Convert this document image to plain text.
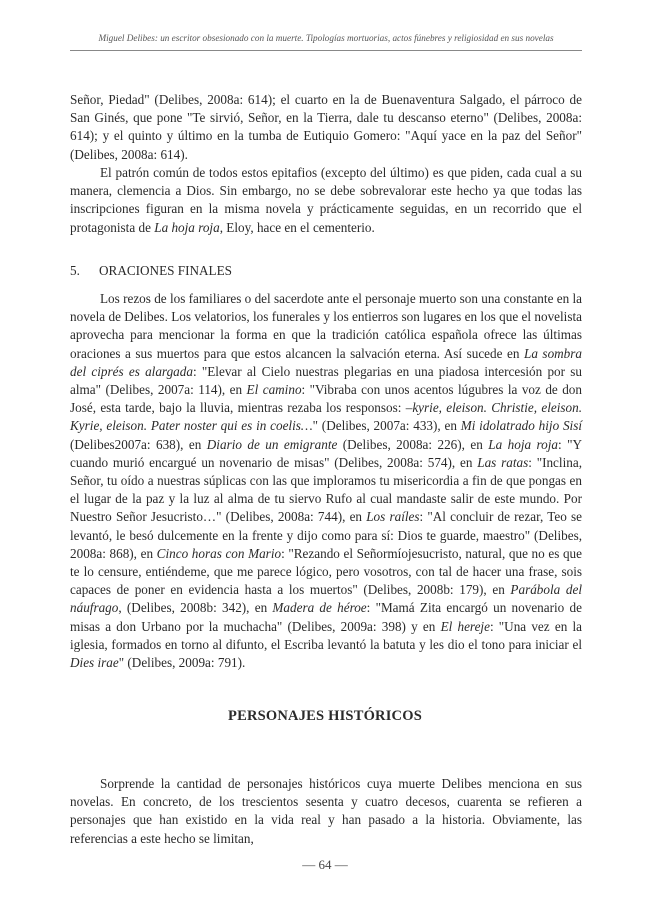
Miguel Delibes: un escritor obsesionado con la muerte. Tipologías mortuorias, actos fúnebres y religiosidad en sus novelas

Señor, Piedad" (Delibes, 2008a: 614); el cuarto en la de Buenaventura Salgado, el párroco de San Ginés, que pone "Te sirvió, Señor, en la Tierra, dale tu descanso eterno" (Delibes, 2008a: 614); y el quinto y último en la tumba de Eutiquio Gomero: "Aquí yace en la paz del Señor" (Delibes, 2008a: 614).

El patrón común de todos estos epitafios (excepto del último) es que piden, cada cual a su manera, clemencia a Dios. Sin embargo, no se debe sobrevalorar este hecho ya que todas las inscripciones figuran en la misma novela y prácticamente seguidas, en un recorrido que el protagonista de La hoja roja, Eloy, hace en el cementerio.

5. ORACIONES FINALES

Los rezos de los familiares o del sacerdote ante el personaje muerto son una constante en la novela de Delibes. Los velatorios, los funerales y los entierros son lugares en los que el novelista aprovecha para mencionar la forma en que la tradición católica española ofrece las últimas oraciones a sus muertos para que estos alcancen la salvación eterna. Así sucede en La sombra del ciprés es alargada: "Elevar al Cielo nuestras plegarias en una piadosa intercesión por su alma" (Delibes, 2007a: 114), en El camino: "Vibraba con unos acentos lúgubres la voz de don José, esta tarde, bajo la lluvia, mientras rezaba los responsos: –kyrie, eleison. Christie, eleison. Kyrie, eleison. Pater noster qui es in coelis…" (Delibes, 2007a: 433), en Mi idolatrado hijo Sisí (Delibes2007a: 638), en Diario de un emigrante (Delibes, 2008a: 226), en La hoja roja: "Y cuando murió encargué un novenario de misas" (Delibes, 2008a: 574), en Las ratas: "Inclina, Señor, tu oído a nuestras súplicas con las que imploramos tu misericordia a fin de que pongas en el lugar de la paz y la luz al alma de tu siervo Rufo al cual mandaste salir de este mundo. Por Nuestro Señor Jesucristo…" (Delibes, 2008a: 744), en Los raíles: "Al concluir de rezar, Teo se levantó, le besó dulcemente en la frente y dijo como para sí: Dios te guarde, maestro" (Delibes, 2008a: 868), en Cinco horas con Mario: "Rezando el Señormíojesucristo, natural, que no es que te lo censure, entiéndeme, que me parece lógico, pero vosotros, con tal de hacer una frase, sois capaces de poner en evidencia hasta a los muertos" (Delibes, 2008b: 179), en Parábola del náufrago, (Delibes, 2008b: 342), en Madera de héroe: "Mamá Zita encargó un novenario de misas a don Urbano por la muchacha" (Delibes, 2009a: 398) y en El hereje: "Una vez en la iglesia, formados en torno al difunto, el Escriba levantó la batuta y les dio el tono para iniciar el Dies irae" (Delibes, 2009a: 791).

PERSONAJES HISTÓRICOS

Sorprende la cantidad de personajes históricos cuya muerte Delibes menciona en sus novelas. En concreto, de los trescientos sesenta y cuatro decesos, cuarenta se refieren a personajes que han existido en la vida real y han pasado a la historia. Obviamente, las referencias a este hecho se limitan,

— 64 —
